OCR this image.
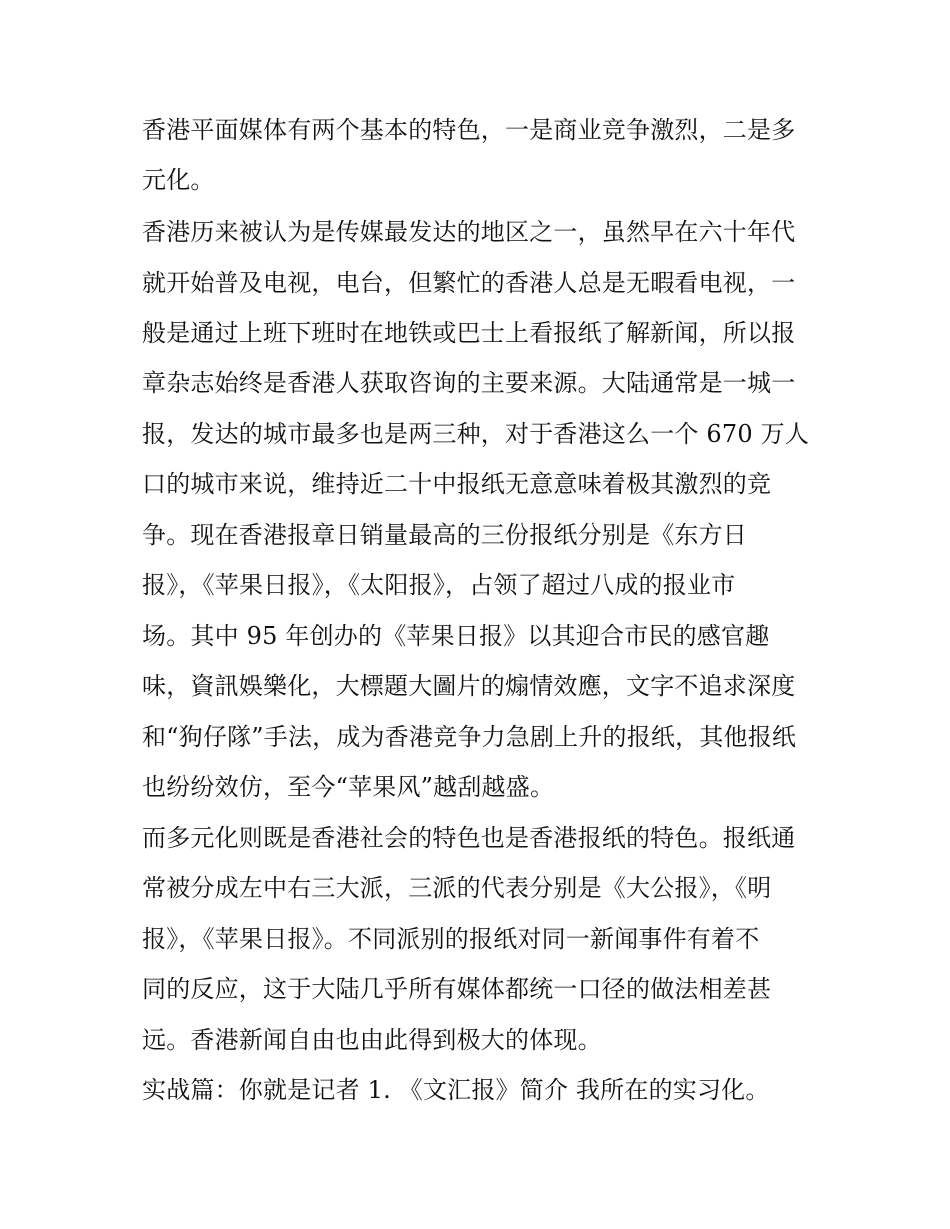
香港平面媒体有两个基本的特色，一是商业竞争激烈，二是多
元化。
香港历来被认为是传媒最发达的地区之一，虽然早在六十年代
就开始普及电视，电台，但繁忙的香港人总是无暇看电视，一
般是通过上班下班时在地铁或巴士上看报纸了解新闻，所以报
章杂志始终是香港人获取咨询的主要来源。大陆通常是一城一
报，发达的城市最多也是两三种，对于香港这么一个 670 万人
口的城市来说，维持近二十中报纸无意意味着极其激烈的竞
争。现在香港报章日销量最高的三份报纸分别是《东方日
报》，《苹果日报》，《太阳报》，占领了超过八成的报业市
场。其中 95 年创办的《苹果日报》以其迎合市民的感官趣
味，資訊娛樂化，大標題大圖片的煽情效應，文字不追求深度
和“狗仔隊”手法，成为香港竞争力急剧上升的报纸，其他报纸
也纷纷效仿，至今“苹果风”越刮越盛。
而多元化则既是香港社会的特色也是香港报纸的特色。报纸通
常被分成左中右三大派，三派的代表分别是《大公报》，《明
报》，《苹果日报》。不同派别的报纸对同一新闻事件有着不
同的反应，这于大陆几乎所有媒体都统一口径的做法相差甚
远。香港新闻自由也由此得到极大的体现。
实战篇：你就是记者 1. 《文汇报》简介 我所在的实习化。
